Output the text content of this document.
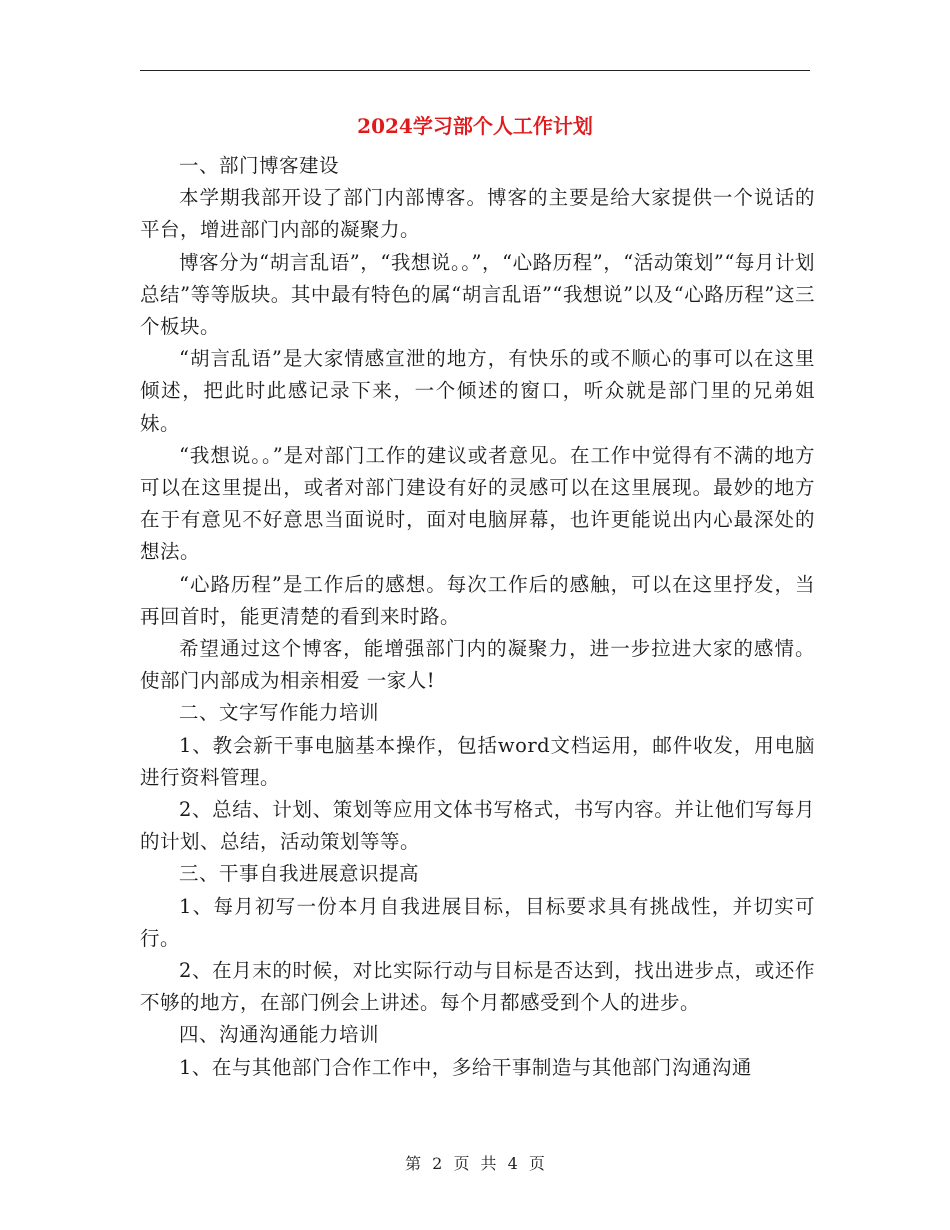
2024学习部个人工作计划

一、部门博客建设

本学期我部开设了部门内部博客。博客的主要是给大家提供一个说话的平台，增进部门内部的凝聚力。

博客分为“胡言乱语”，“我想说。。”，“心路历程”，“活动策划”“每月计划总结”等等版块。其中最有特色的属“胡言乱语”“我想说”以及“心路历程”这三个板块。

“胡言乱语”是大家情感宣泄的地方，有快乐的或不顺心的事可以在这里倾述，把此时此感记录下来，一个倾述的窗口，听众就是部门里的兄弟姐妹。

“我想说。。”是对部门工作的建议或者意见。在工作中觉得有不满的地方可以在这里提出，或者对部门建设有好的灵感可以在这里展现。最妙的地方在于有意见不好意思当面说时，面对电脑屏幕，也许更能说出内心最深处的想法。

“心路历程”是工作后的感想。每次工作后的感触，可以在这里抒发，当再回首时，能更清楚的看到来时路。

希望通过这个博客，能增强部门内的凝聚力，进一步拉进大家的感情。使部门内部成为相亲相爱 一家人!

二、文字写作能力培训

1、教会新干事电脑基本操作，包括word文档运用，邮件收发，用电脑进行资料管理。

2、总结、计划、策划等应用文体书写格式，书写内容。并让他们写每月的计划、总结，活动策划等等。

三、干事自我进展意识提高

1、每月初写一份本月自我进展目标，目标要求具有挑战性，并切实可行。

2、在月末的时候，对比实际行动与目标是否达到，找出进步点，或还作不够的地方，在部门例会上讲述。每个月都感受到个人的进步。

四、沟通沟通能力培训

1、在与其他部门合作工作中，多给干事制造与其他部门沟通沟通

第 2 页 共 4 页
